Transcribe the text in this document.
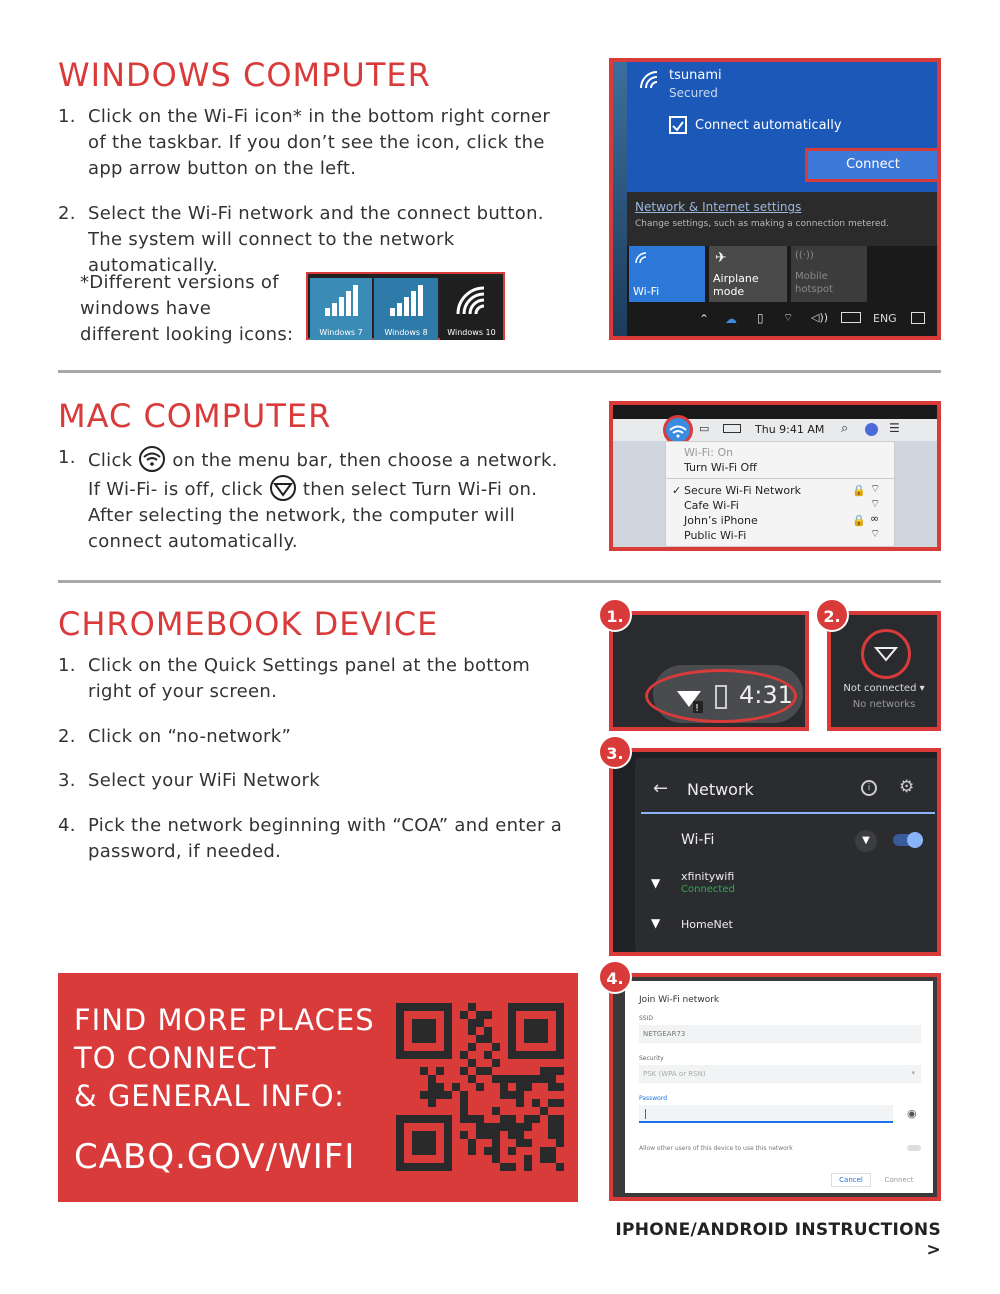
WINDOWS COMPUTER
1. Click on the Wi-Fi icon* in the bottom right corner of the taskbar. If you don’t see the icon, click the app arrow button on the left.
2. Select the Wi-Fi network and the connect button. The system will connect to the network automatically.
*Different versions of windows have different looking icons:	Windows 7	Windows 8	Windows 10
tsunami
Secured
Connect automatically
Connect
Network & Internet settings
Change settings, such as making a connection metered.
Wi-Fi
✈
Airplane mode
((·))
Mobile hotspot
⌃ ☁ ▯ ⌔ ◁))	ENG
MAC COMPUTER
1. Click on the menu bar, then choose a network. If Wi-Fi- is off, click then select Turn Wi-Fi on. After selecting the network, the computer will connect automatically.
▭	Thu 9:41 AM ⌕	☰
Wi-Fi: On
Turn Wi-Fi Off
✓ Secure Wi-Fi Network
Cafe Wi-Fi
John’s iPhone
Public Wi-Fi
🔒
🔒
⌔
⌔
∞
⌔
CHROMEBOOK DEVICE
1. Click on the Quick Settings panel at the bottom right of your screen.
2. Click on “no-network”
3. Select your WiFi Network
4. Pick the network beginning with “COA” and enter a password, if needed.
! 4:31	Not connected ▾
No networks
← Network	i	⚙
Wi-Fi	▼
▼ xfinitywifi
Connected
▼ HomeNet
Join Wi-Fi network
SSID
NETGEAR73
Security
PSK (WPA or RSN)	▾
Password
◉
Allow other users of this device to use this network
Cancel	Connect
1.	2.
3.
4.
FIND MORE PLACES
TO CONNECT
& GENERAL INFO:
CABQ.GOV/WIFI
IPHONE/ANDROID INSTRUCTIONS >
